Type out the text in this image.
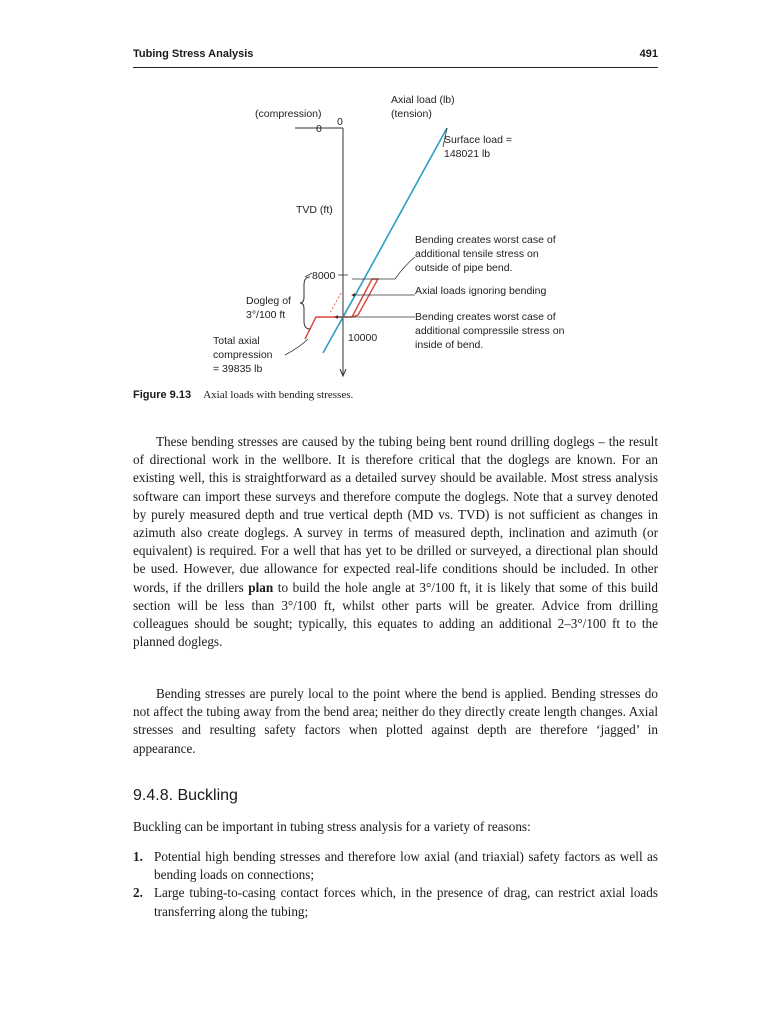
Tubing Stress Analysis	491
Axial load (lb)
(tension)
(compression)
0
0
Surface load =
148021 lb
TVD (ft)
8000
10000
Dogleg of
3°/100 ft
Total axial
compression
= 39835 lb
Bending creates worst case of
additional tensile stress on
outside of pipe bend.
Axial loads ignoring bending
Bending creates worst case of
additional compressile stress on
inside of bend.
Figure 9.13 Axial loads with bending stresses.

These bending stresses are caused by the tubing being bent round drilling doglegs – the result of directional work in the wellbore. It is therefore critical that the doglegs are known. For an existing well, this is straightforward as a detailed survey should be available. Most stress analysis software can import these surveys and therefore compute the doglegs. Note that a survey denoted by purely measured depth and true vertical depth (MD vs. TVD) is not sufficient as changes in azimuth also create doglegs. A survey in terms of measured depth, inclination and azimuth (or equivalent) is required. For a well that has yet to be drilled or surveyed, a directional plan should be used. However, due allowance for expected real-life conditions should be included. In other words, if the drillers plan to build the hole angle at 3°/100 ft, it is likely that some of this build section will be less than 3°/100 ft, whilst other parts will be greater. Advice from drilling colleagues should be sought; typically, this equates to adding an additional 2–3°/100 ft to the planned doglegs.

Bending stresses are purely local to the point where the bend is applied. Bending stresses do not affect the tubing away from the bend area; neither do they directly create length changes. Axial stresses and resulting safety factors when plotted against depth are therefore ‘jagged’ in appearance.

9.4.8. Buckling

Buckling can be important in tubing stress analysis for a variety of reasons:

1. Potential high bending stresses and therefore low axial (and triaxial) safety factors as well as bending loads on connections;
2. Large tubing-to-casing contact forces which, in the presence of drag, can restrict axial loads transferring along the tubing;
